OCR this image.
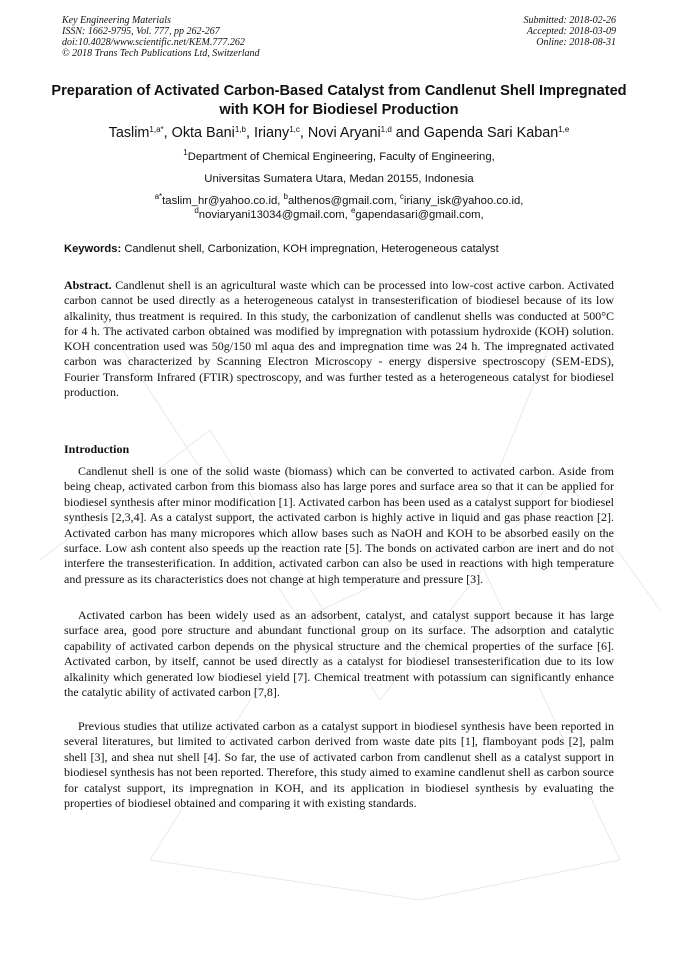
Key Engineering Materials
ISSN: 1662-9795, Vol. 777, pp 262-267
doi:10.4028/www.scientific.net/KEM.777.262
© 2018 Trans Tech Publications Ltd, Switzerland
Submitted: 2018-02-26
Accepted: 2018-03-09
Online: 2018-08-31
Preparation of Activated Carbon-Based Catalyst from Candlenut Shell Impregnated with KOH for Biodiesel Production
Taslim$^{1,a*}$, Okta Bani$^{1,b}$, Iriany$^{1,c}$, Novi Aryani$^{1,d}$ and Gapenda Sari Kaban$^{1,e}$
$^1$Department of Chemical Engineering, Faculty of Engineering,
Universitas Sumatera Utara, Medan 20155, Indonesia
$^{a*}$taslim_hr@yahoo.co.id, $^b$althenos@gmail.com, $^c$iriany_isk@yahoo.co.id,
$^d$noviaryani13034@gmail.com, $^e$gapendasari@gmail.com,
Keywords: Candlenut shell, Carbonization, KOH impregnation, Heterogeneous catalyst

Abstract. Candlenut shell is an agricultural waste which can be processed into low-cost active carbon. Activated carbon cannot be used directly as a heterogeneous catalyst in transesterification of biodiesel because of its low alkalinity, thus treatment is required. In this study, the carbonization of candlenut shells was conducted at 500°C for 4 h. The activated carbon obtained was modified by impregnation with potassium hydroxide (KOH) solution. KOH concentration used was 50g/150 ml aqua des and impregnation time was 24 h. The impregnated activated carbon was characterized by Scanning Electron Microscopy - energy dispersive spectroscopy (SEM-EDS), Fourier Transform Infrared (FTIR) spectroscopy, and was further tested as a heterogeneous catalyst for biodiesel production.

Introduction

Candlenut shell is one of the solid waste (biomass) which can be converted to activated carbon. Aside from being cheap, activated carbon from this biomass also has large pores and surface area so that it can be applied for biodiesel synthesis after minor modification [1]. Activated carbon has been used as a catalyst support for biodiesel synthesis [2,3,4]. As a catalyst support, the activated carbon is highly active in liquid and gas phase reaction [2]. Activated carbon has many micropores which allow bases such as NaOH and KOH to be absorbed easily on the surface. Low ash content also speeds up the reaction rate [5]. The bonds on activated carbon are inert and do not interfere the transesterification. In addition, activated carbon can also be used in reactions with high temperature and pressure as its characteristics does not change at high temperature and pressure [3].

Activated carbon has been widely used as an adsorbent, catalyst, and catalyst support because it has large surface area, good pore structure and abundant functional group on its surface. The adsorption and catalytic capability of activated carbon depends on the physical structure and the chemical properties of the surface [6]. Activated carbon, by itself, cannot be used directly as a catalyst for biodiesel transesterification due to its low alkalinity which generated low biodiesel yield [7]. Chemical treatment with potassium can significantly enhance the catalytic ability of activated carbon [7,8].

Previous studies that utilize activated carbon as a catalyst support in biodiesel synthesis have been reported in several literatures, but limited to activated carbon derived from waste date pits [1], flamboyant pods [2], palm shell [3], and shea nut shell [4]. So far, the use of activated carbon from candlenut shell as a catalyst support in biodiesel synthesis has not been reported. Therefore, this study aimed to examine candlenut shell as carbon source for catalyst support, its impregnation in KOH, and its application in biodiesel synthesis by evaluating the properties of biodiesel obtained and comparing it with existing standards.
